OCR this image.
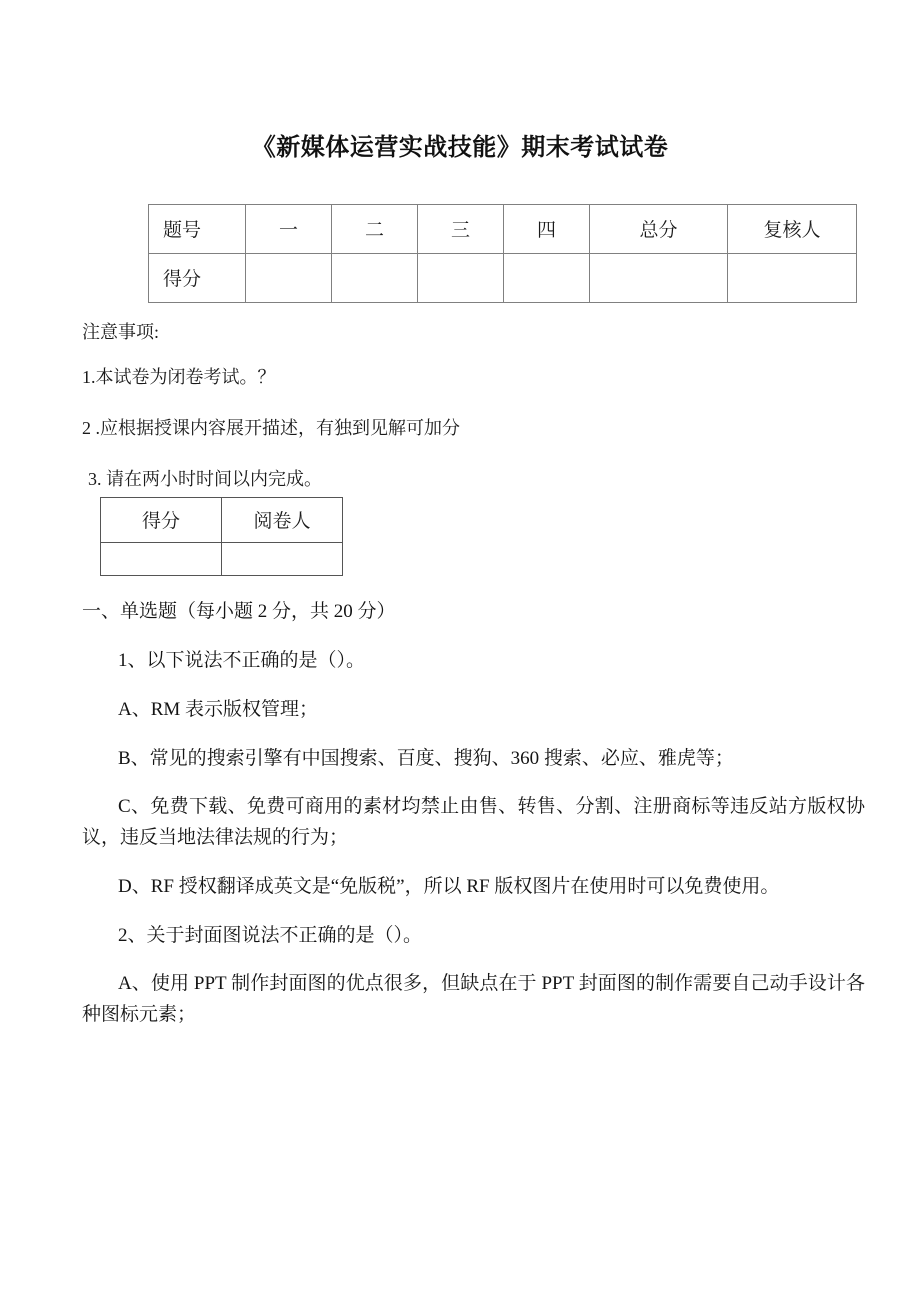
《新媒体运营实战技能》期末考试试卷
题号	一	二	三	四	总分	复核人
得分						

注意事项:

1.本试卷为闭卷考试。？

2 .应根据授课内容展开描述，有独到见解可加分

3. 请在两小时时间以内完成。

得分	阅卷人

一、单选题（每小题 2 分，共 20 分）

1、以下说法不正确的是（）。

A、RM 表示版权管理；

B、常见的搜索引擎有中国搜索、百度、搜狗、360 搜索、必应、雅虎等；

C、免费下载、免费可商用的素材均禁止由售、转售、分割、注册商标等违反站方版权协议，违反当地法律法规的行为；

D、RF 授权翻译成英文是“免版税”，所以 RF 版权图片在使用时可以免费使用。

2、关于封面图说法不正确的是（）。

A、使用 PPT 制作封面图的优点很多，但缺点在于 PPT 封面图的制作需要自己动手设计各种图标元素；
